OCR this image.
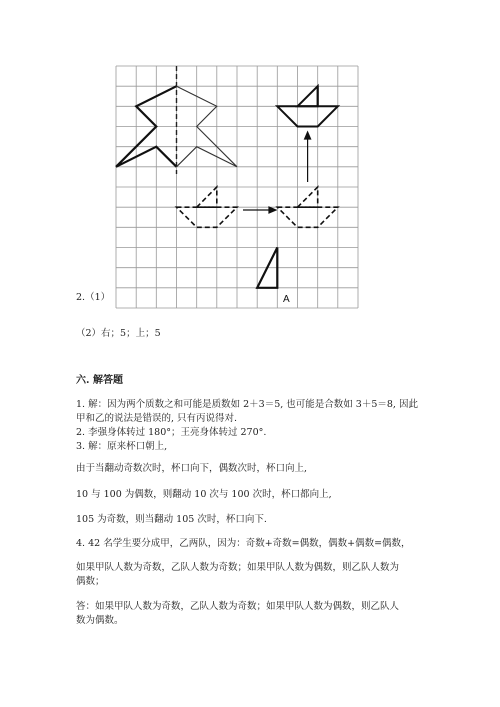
A
2.（1）
（2）右；5；上；5
六. 解答题
1. 解：因为两个质数之和可能是质数如 2＋3＝5, 也可能是合数如 3＋5＝8, 因此
甲和乙的说法是错误的, 只有丙说得对.
2. 李强身体转过 180°；王亮身体转过 270°.
3. 解：原来杯口朝上,
由于当翻动奇数次时，杯口向下，偶数次时，杯口向上,
10 与 100 为偶数，则翻动 10 次与 100 次时，杯口都向上,
105 为奇数，则当翻动 105 次时，杯口向下.
4. 42 名学生要分成甲，乙两队，因为：奇数+奇数=偶数，偶数+偶数=偶数，
如果甲队人数为奇数，乙队人数为奇数；如果甲队人数为偶数，则乙队人数为
偶数；
答：如果甲队人数为奇数，乙队人数为奇数；如果甲队人数为偶数，则乙队人
数为偶数。
